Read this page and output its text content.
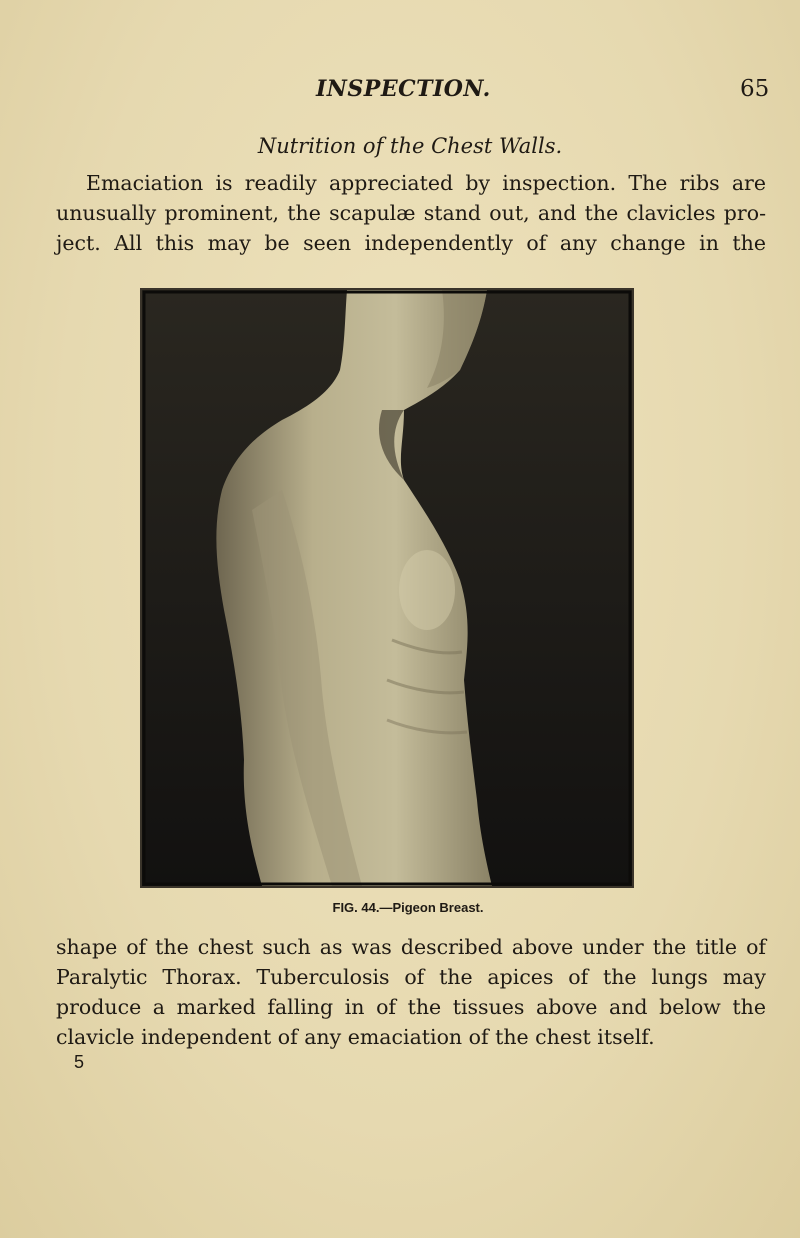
INSPECTION.	65
Nutrition of the Chest Walls.

Emaciation is readily appreciated by inspection. The ribs are
unusually prominent, the scapulæ stand out, and the clavicles pro-
ject. All this may be seen independently of any change in the

FIG. 44.—Pigeon Breast.

shape of the chest such as was described above under the title of
Paralytic Thorax. Tuberculosis of the apices of the lungs may
produce a marked falling in of the tissues above and below the
clavicle independent of any emaciation of the chest itself.

5
